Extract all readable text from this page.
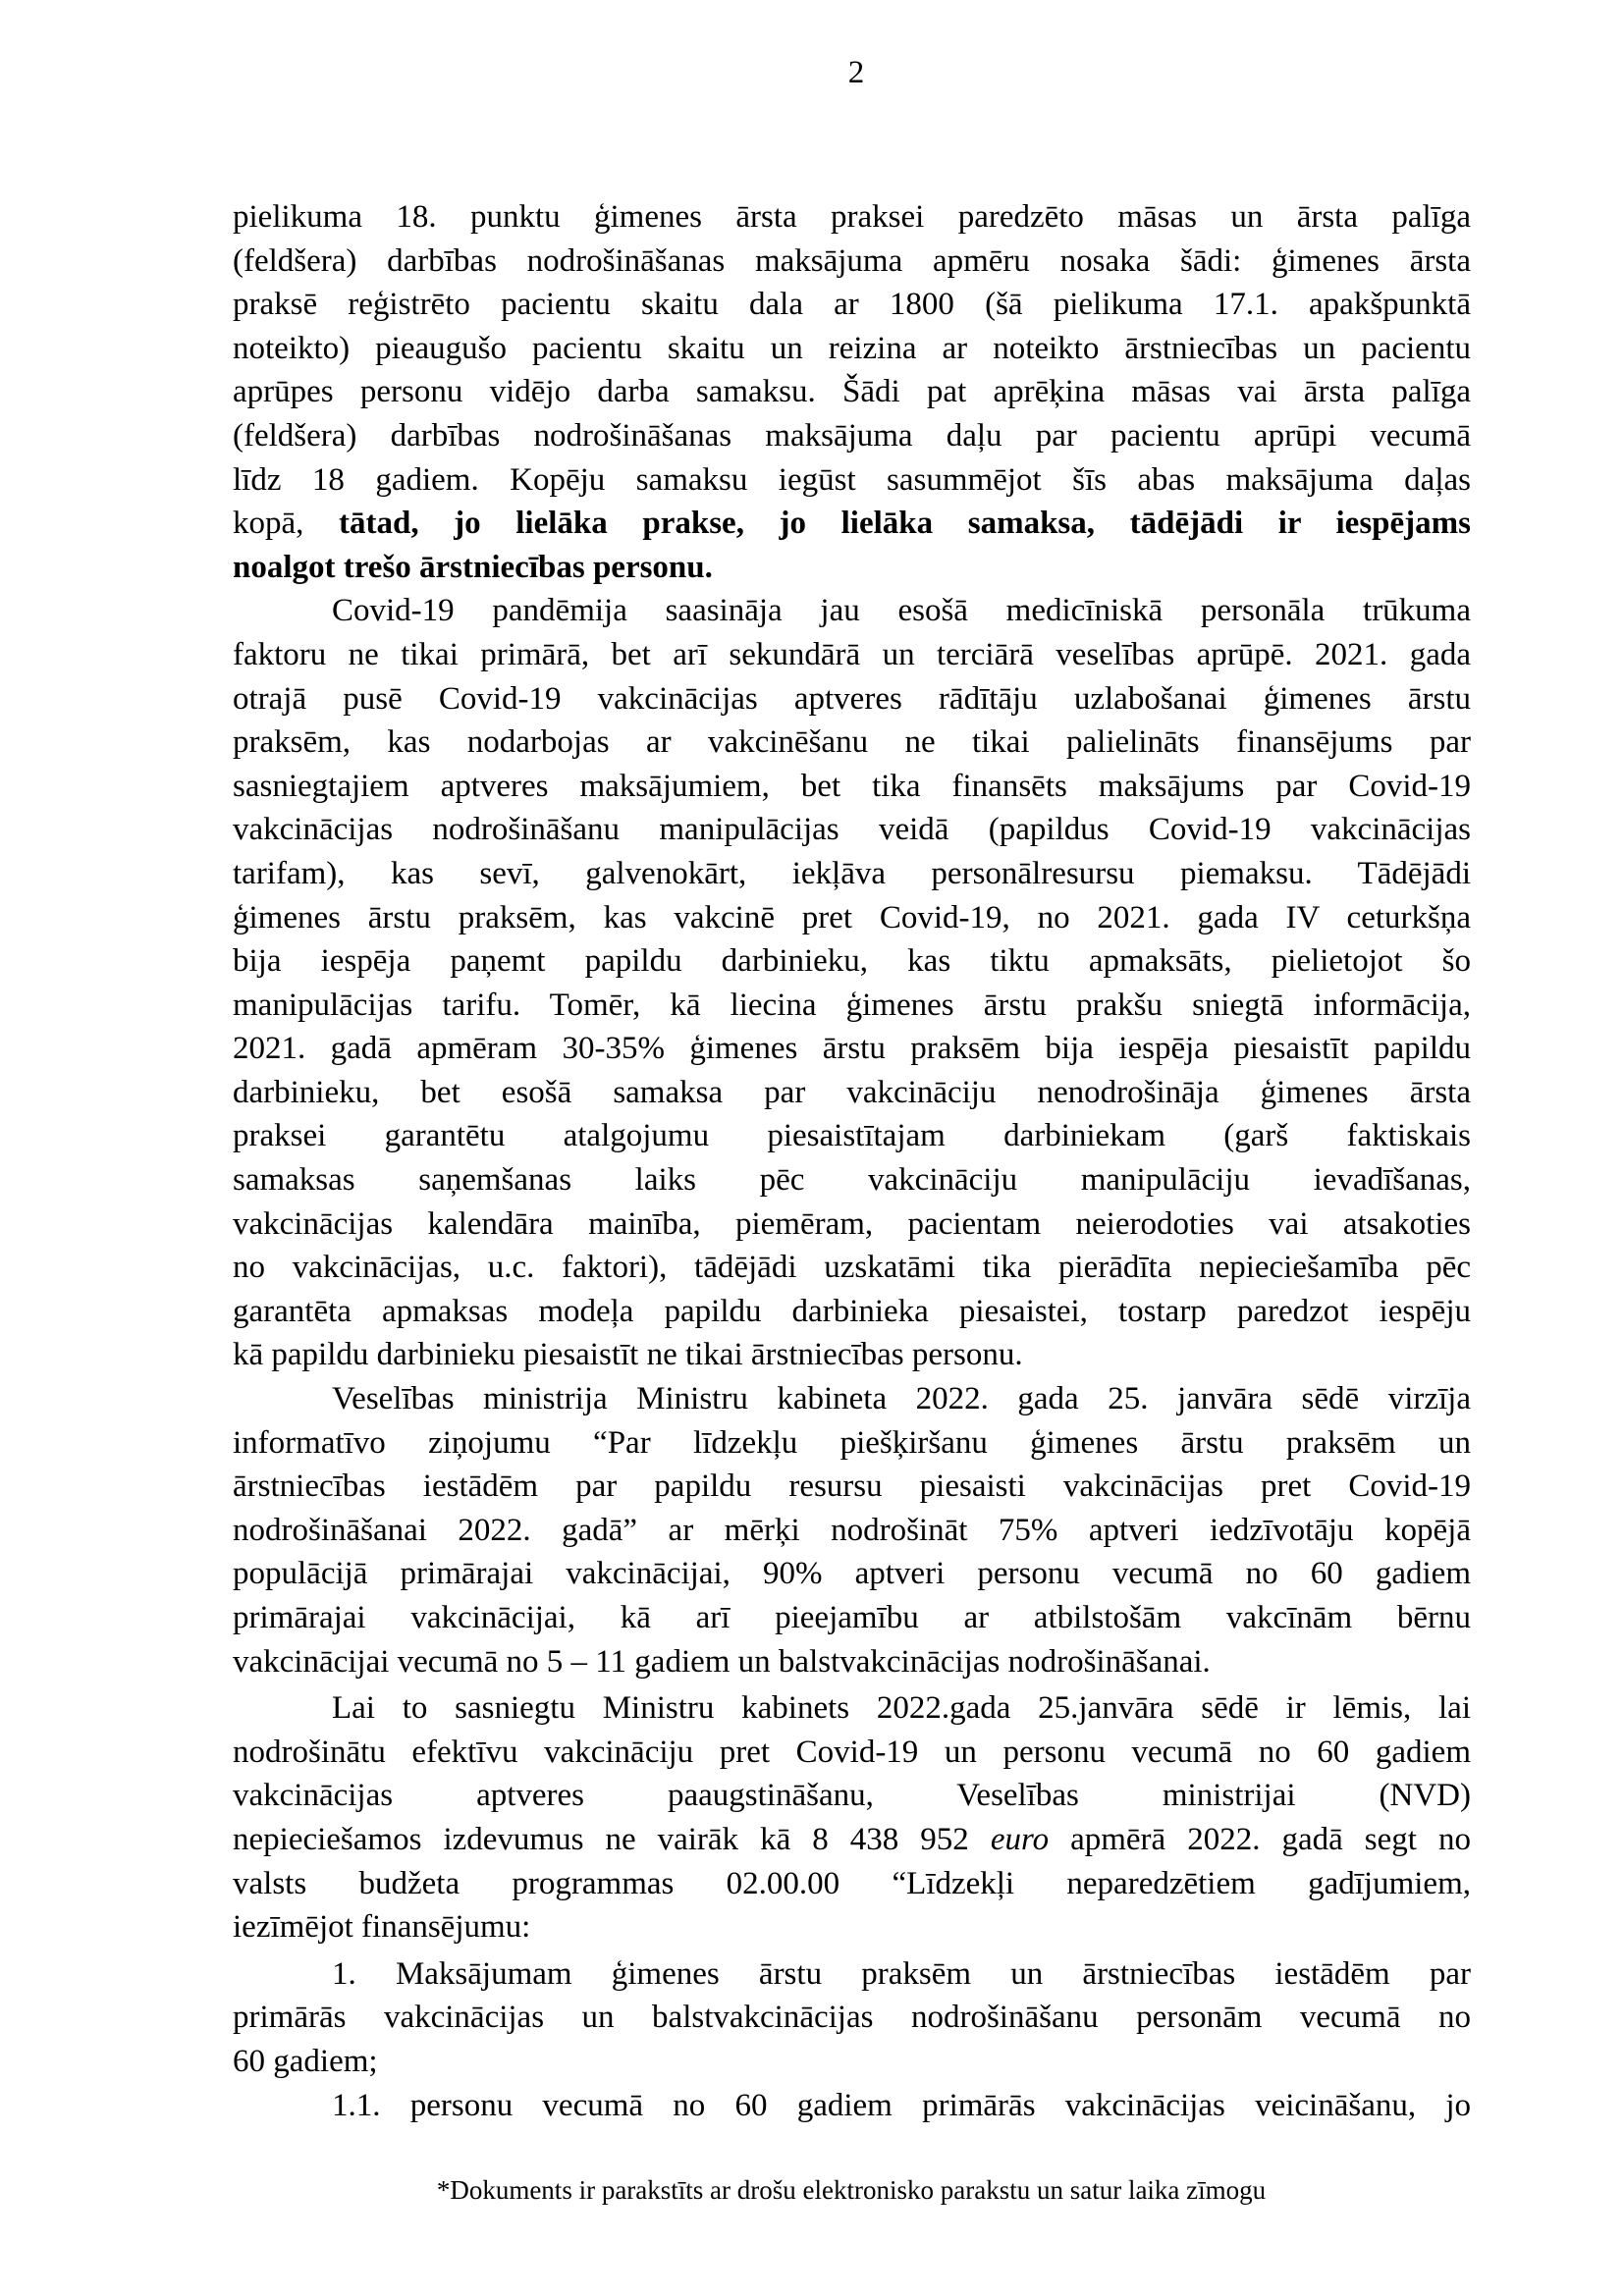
2
pielikuma 18. punktu ģimenes ārsta praksei paredzēto māsas un ārsta palīga
(feldšera) darbības nodrošināšanas maksājuma apmēru nosaka šādi: ģimenes ārsta
praksē reģistrēto pacientu skaitu dala ar 1800 (šā pielikuma 17.1. apakšpunktā
noteikto) pieaugušo pacientu skaitu un reizina ar noteikto ārstniecības un pacientu
aprūpes personu vidējo darba samaksu. Šādi pat aprēķina māsas vai ārsta palīga
(feldšera) darbības nodrošināšanas maksājuma daļu par pacientu aprūpi vecumā
līdz 18 gadiem. Kopēju samaksu iegūst sasummējot šīs abas maksājuma daļas
kopā, tātad, jo lielāka prakse, jo lielāka samaksa, tādējādi ir iespējams
noalgot trešo ārstniecības personu.
Covid-19 pandēmija saasināja jau esošā medicīniskā personāla trūkuma
faktoru ne tikai primārā, bet arī sekundārā un terciārā veselības aprūpē. 2021. gada
otrajā pusē Covid-19 vakcinācijas aptveres rādītāju uzlabošanai ģimenes ārstu
praksēm, kas nodarbojas ar vakcinēšanu ne tikai palielināts finansējums par
sasniegtajiem aptveres maksājumiem, bet tika finansēts maksājums par Covid-19
vakcinācijas nodrošināšanu manipulācijas veidā (papildus Covid-19 vakcinācijas
tarifam), kas sevī, galvenokārt, iekļāva personālresursu piemaksu. Tādējādi
ģimenes ārstu praksēm, kas vakcinē pret Covid-19, no 2021. gada IV ceturkšņa
bija iespēja paņemt papildu darbinieku, kas tiktu apmaksāts, pielietojot šo
manipulācijas tarifu. Tomēr, kā liecina ģimenes ārstu prakšu sniegtā informācija,
2021. gadā apmēram 30-35% ģimenes ārstu praksēm bija iespēja piesaistīt papildu
darbinieku, bet esošā samaksa par vakcināciju nenodrošināja ģimenes ārsta
praksei garantētu atalgojumu piesaistītajam darbiniekam (garš faktiskais
samaksas saņemšanas laiks pēc vakcināciju manipulāciju ievadīšanas,
vakcinācijas kalendāra mainība, piemēram, pacientam neierodoties vai atsakoties
no vakcinācijas, u.c. faktori), tādējādi uzskatāmi tika pierādīta nepieciešamība pēc
garantēta apmaksas modeļa papildu darbinieka piesaistei, tostarp paredzot iespēju
kā papildu darbinieku piesaistīt ne tikai ārstniecības personu.
Veselības ministrija Ministru kabineta 2022. gada 25. janvāra sēdē virzīja
informatīvo ziņojumu “Par līdzekļu piešķiršanu ģimenes ārstu praksēm un
ārstniecības iestādēm par papildu resursu piesaisti vakcinācijas pret Covid-19
nodrošināšanai 2022. gadā” ar mērķi nodrošināt 75% aptveri iedzīvotāju kopējā
populācijā primārajai vakcinācijai, 90% aptveri personu vecumā no 60 gadiem
primārajai vakcinācijai, kā arī pieejamību ar atbilstošām vakcīnām bērnu
vakcinācijai vecumā no 5 – 11 gadiem un balstvakcinācijas nodrošināšanai.
Lai to sasniegtu Ministru kabinets 2022.gada 25.janvāra sēdē ir lēmis, lai
nodrošinātu efektīvu vakcināciju pret Covid-19 un personu vecumā no 60 gadiem
vakcinācijas aptveres paaugstināšanu, Veselības ministrijai (NVD)
nepieciešamos izdevumus ne vairāk kā 8 438 952 euro apmērā 2022. gadā segt no
valsts budžeta programmas 02.00.00 “Līdzekļi neparedzētiem gadījumiem,
iezīmējot finansējumu:
1. Maksājumam ģimenes ārstu praksēm un ārstniecības iestādēm par
primārās vakcinācijas un balstvakcinācijas nodrošināšanu personām vecumā no
60 gadiem;
1.1. personu vecumā no 60 gadiem primārās vakcinācijas veicināšanu, jo
*Dokuments ir parakstīts ar drošu elektronisko parakstu un satur laika zīmogu
